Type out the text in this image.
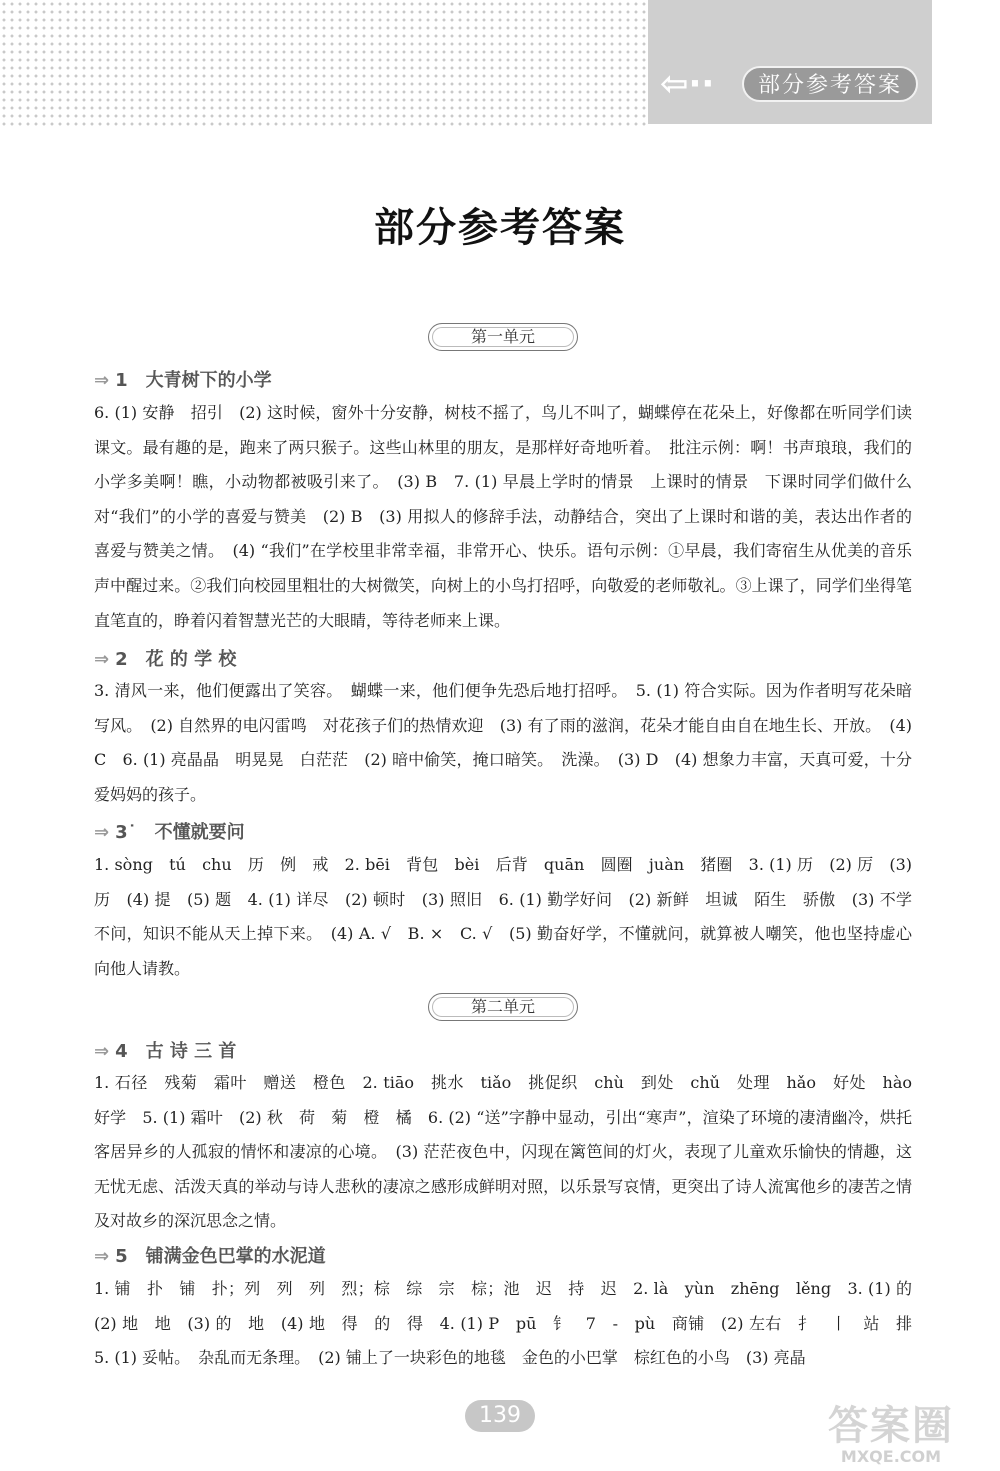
⇦··	部分参考答案
部分参考答案
第一单元
⇒ 1　大青树下的小学
6. (1) 安静　招引　(2) 这时候，窗外十分安静，树枝不摇了，鸟儿不叫了，蝴蝶停在花朵上，好像都在听同学们读课文。最有趣的是，跑来了两只猴子。这些山林里的朋友，是那样好奇地听着。　批注示例：啊！书声琅琅，我们的小学多美啊！瞧，小动物都被吸引来了。　(3) B　7. (1) 早晨上学时的情景　上课时的情景　下课时同学们做什么　对“我们”的小学的喜爱与赞美　(2) B　(3) 用拟人的修辞手法，动静结合，突出了上课时和谐的美，表达出作者的喜爱与赞美之情。　(4) “我们”在学校里非常幸福，非常开心、快乐。语句示例：①早晨，我们寄宿生从优美的音乐声中醒过来。②我们向校园里粗壮的大树微笑，向树上的小鸟打招呼，向敬爱的老师敬礼。③上课了，同学们坐得笔直笔直的，睁着闪着智慧光芒的大眼睛，等待老师来上课。
⇒ 2　花 的 学 校
3. 清风一来，他们便露出了笑容。　蝴蝶一来，他们便争先恐后地打招呼。　5. (1) 符合实际。因为作者明写花朵暗写风。　(2) 自然界的电闪雷鸣　对花孩子们的热情欢迎　(3) 有了雨的滋润，花朵才能自由自在地生长、开放。　(4) C　6. (1) 亮晶晶　明晃晃　白茫茫　(2) 暗中偷笑，掩口暗笑。　洗澡。　(3) D　(4) 想象力丰富，天真可爱，十分爱妈妈的孩子。
⇒ 3˙　不懂就要问
1. sòng　tú　chu　历　例　戒　2. bēi　背包　bèi　后背　quān　圆圈　juàn　猪圈　3. (1) 历　(2) 厉　(3) 历　(4) 提　(5) 题　4. (1) 详尽　(2) 顿时　(3) 照旧　6. (1) 勤学好问　(2) 新鲜　坦诚　陌生　骄傲　(3) 不学不问，知识不能从天上掉下来。　(4) A. √　B. ×　C. √　(5) 勤奋好学，不懂就问，就算被人嘲笑，他也坚持虚心向他人请教。
第二单元
⇒ 4　古 诗 三 首
1. 石径　残菊　霜叶　赠送　橙色　2. tiāo　挑水　tiǎo　挑促织　chù　到处　chǔ　处理　hǎo　好处　hào　好学　5. (1) 霜叶　(2) 秋　荷　菊　橙　橘　6. (2) “送”字静中显动，引出“寒声”，渲染了环境的凄清幽冷，烘托客居异乡的人孤寂的情怀和凄凉的心境。　(3) 茫茫夜色中，闪现在篱笆间的灯火，表现了儿童欢乐愉快的情趣，这无忧无虑、活泼天真的举动与诗人悲秋的凄凉之感形成鲜明对照，以乐景写哀情，更突出了诗人流寓他乡的凄苦之情及对故乡的深沉思念之情。
⇒ 5　铺满金色巴掌的水泥道
1. 铺　扑　铺　扑；列　列　列　烈；棕　综　宗　棕；池　迟　持　迟　2. là　yùn　zhēng　lěng　3. (1) 的　(2) 地　地　(3) 的　地　(4) 地　得　的　得　4. (1) P　pū　钅　7　-　pù　商铺　(2) 左右　扌　丨　站　排　5. (1) 妥帖。　杂乱而无条理。　(2) 铺上了一块彩色的地毯　金色的小巴掌　棕红色的小鸟　(3) 亮晶
139	答案圈
MXQE.COM
